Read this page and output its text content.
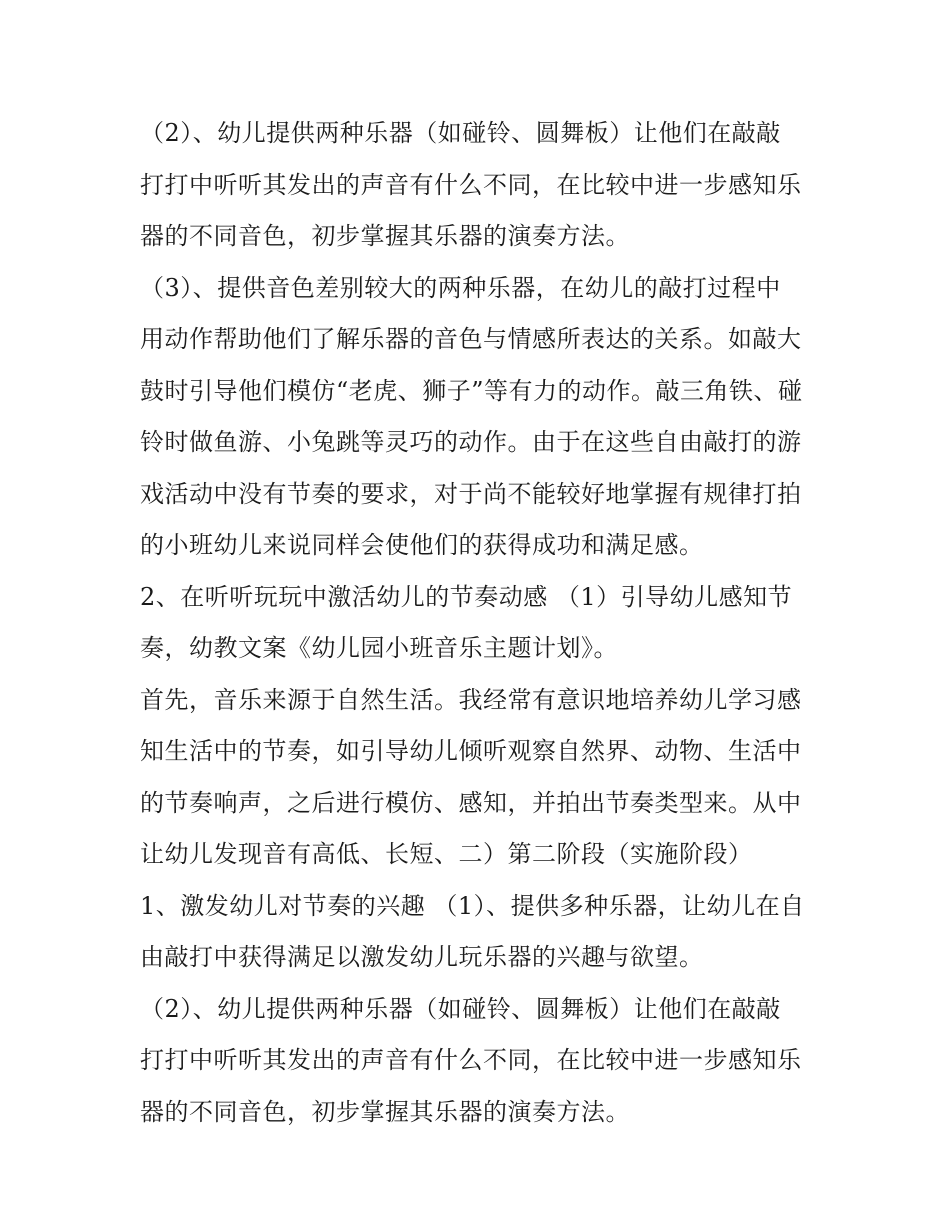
（2）、幼儿提供两种乐器（如碰铃、圆舞板）让他们在敲敲
打打中听听其发出的声音有什么不同，在比较中进一步感知乐
器的不同音色，初步掌握其乐器的演奏方法。
（3）、提供音色差别较大的两种乐器，在幼儿的敲打过程中
用动作帮助他们了解乐器的音色与情感所表达的关系。如敲大
鼓时引导他们模仿“老虎、狮子”等有力的动作。敲三角铁、碰
铃时做鱼游、小兔跳等灵巧的动作。由于在这些自由敲打的游
戏活动中没有节奏的要求，对于尚不能较好地掌握有规律打拍
的小班幼儿来说同样会使他们的获得成功和满足感。
2、在听听玩玩中激活幼儿的节奏动感 （1）引导幼儿感知节
奏，幼教文案《幼儿园小班音乐主题计划》。
首先，音乐来源于自然生活。我经常有意识地培养幼儿学习感
知生活中的节奏，如引导幼儿倾听观察自然界、动物、生活中
的节奏响声，之后进行模仿、感知，并拍出节奏类型来。从中
让幼儿发现音有高低、长短、二）第二阶段（实施阶段）
1、激发幼儿对节奏的兴趣 （1）、提供多种乐器，让幼儿在自
由敲打中获得满足以激发幼儿玩乐器的兴趣与欲望。
（2）、幼儿提供两种乐器（如碰铃、圆舞板）让他们在敲敲
打打中听听其发出的声音有什么不同，在比较中进一步感知乐
器的不同音色，初步掌握其乐器的演奏方法。
